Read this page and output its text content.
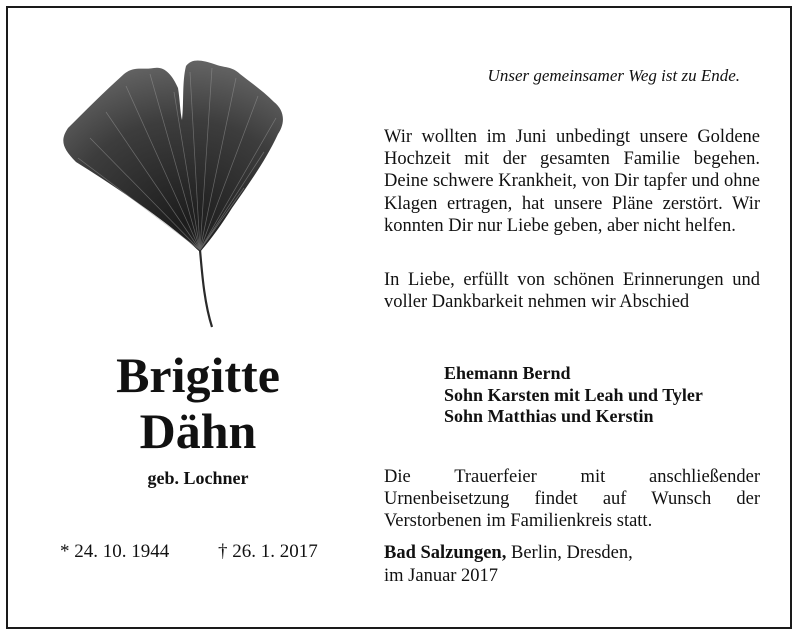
Brigitte
Dähn
geb. Lochner
* 24. 10. 1944	† 26. 1. 2017
Unser gemeinsamer Weg ist zu Ende.
Wir wollten im Juni unbedingt unsere Goldene Hochzeit mit der gesamten Familie begehen. Deine schwere Krankheit, von Dir tapfer und ohne Klagen ertragen, hat unsere Pläne zerstört. Wir konnten Dir nur Liebe geben, aber nicht helfen.
In Liebe, erfüllt von schönen Erinnerungen und voller Dankbarkeit nehmen wir Abschied
Ehemann Bernd
Sohn Karsten mit Leah und Tyler
Sohn Matthias und Kerstin
Die Trauerfeier mit anschließender Urnenbeisetzung findet auf Wunsch der Verstorbenen im Familienkreis statt.
Bad Salzungen, Berlin, Dresden,
im Januar 2017
